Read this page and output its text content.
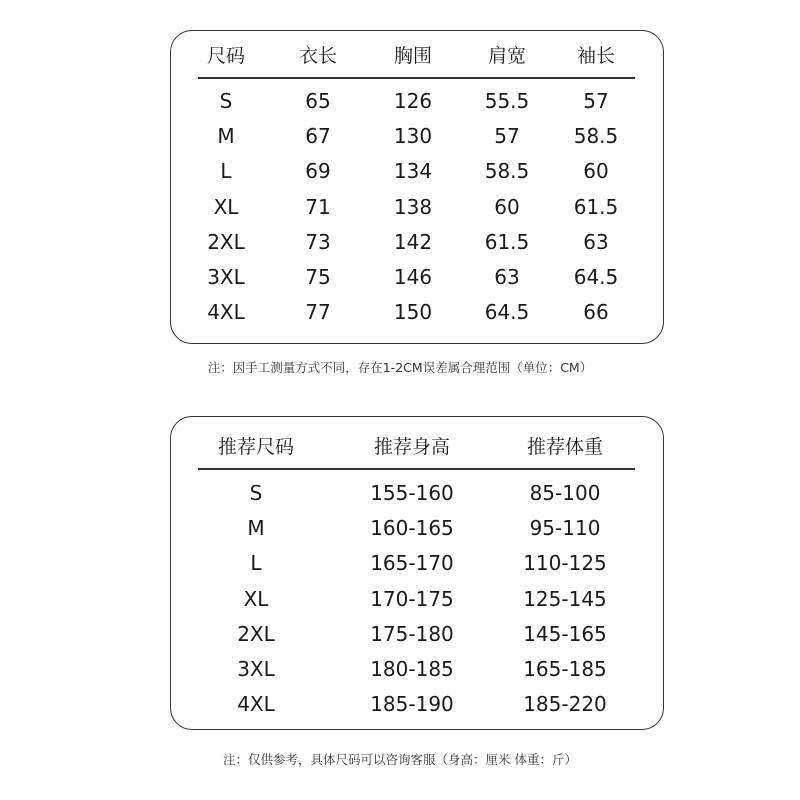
尺码	衣长	胸围	肩宽	袖长
S	65	126	55.5	57
M	67	130	57	58.5
L	69	134	58.5	60
XL	71	138	60	61.5
2XL	73	142	61.5	63
3XL	75	146	63	64.5
4XL	77	150	64.5	66
注：因手工测量方式不同，存在1-2CM误差属合理范围（单位：CM）
推荐尺码	推荐身高	推荐体重
S	155-160	85-100
M	160-165	95-110
L	165-170	110-125
XL	170-175	125-145
2XL	175-180	145-165
3XL	180-185	165-185
4XL	185-190	185-220
注：仅供参考，具体尺码可以咨询客服（身高：厘米 体重：斤）
